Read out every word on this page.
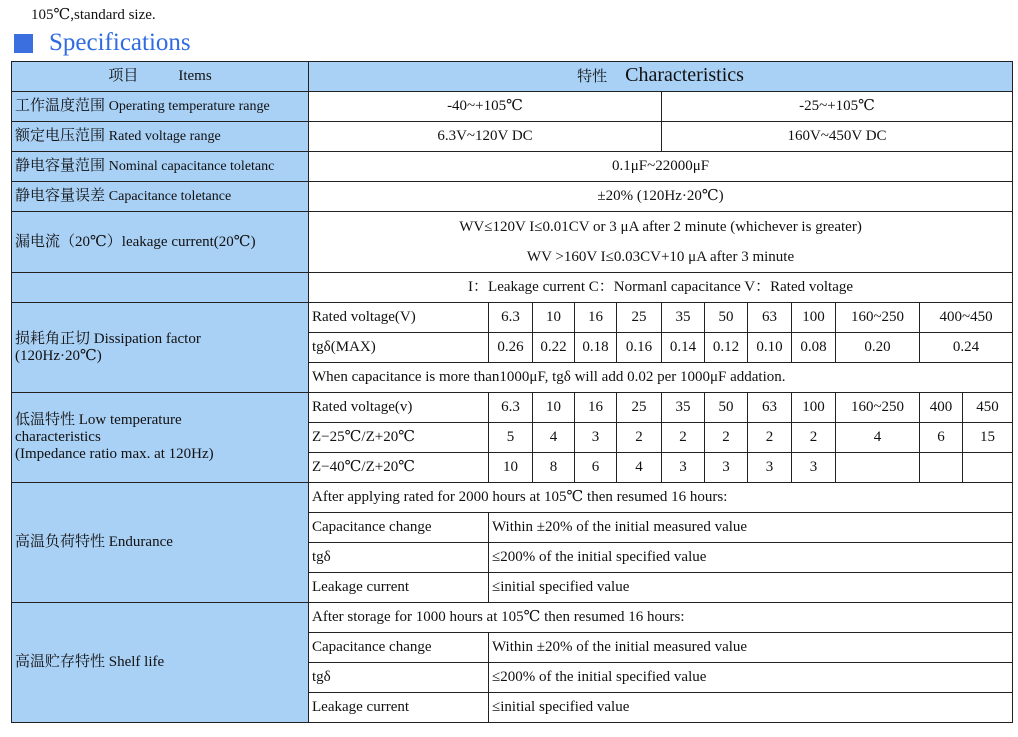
105℃,standard size.
Specifications
项目 Items	特性 Characteristics											
工作温度范围 Operating temperature range	-40~+105℃					-25~+105℃						
额定电压范围 Rated voltage range	6.3V~120V DC					160V~450V DC						
静电容量范围 Nominal capacitance toletanc	0.1μF~22000μF											
静电容量误差 Capacitance toletance	±20% (120Hz·20℃)											
漏电流（20℃）leakage current(20℃)	WV≤120V I≤0.01CV or 3 μA after 2 minute (whichever is greater)											
	WV >160V I≤0.03CV+10 μA after 3 minute											
	I：Leakage current C：Normanl capacitance V：Rated voltage											

损耗角正切 Dissipation factor
(120Hz·20℃)	Rated voltage(V)	6.3	10	16	25	35	50	63	100	160~250	400~450	
	tgδ(MAX)	0.26	0.22	0.18	0.16	0.14	0.12	0.10	0.08	0.20	0.24	
	When capacitance is more than1000μF, tgδ will add 0.02 per 1000μF addation.											

低温特性 Low temperature
characteristics
(Impedance ratio max. at 120Hz)	Rated voltage(v)	6.3	10	16	25	35	50	63	100	160~250	400	450
	Z−25℃/Z+20℃	5	4	3	2	2	2	2	2	4	6	15
	Z−40℃/Z+20℃	10	8	6	4	3	3	3	3			
高温负荷特性 Endurance	After applying rated for 2000 hours at 105℃ then resumed 16 hours:											
	Capacitance change	Within ±20% of the initial measured value										
	tgδ	≤200% of the initial specified value										
	Leakage current	≤initial specified value										
高温贮存特性 Shelf life	After storage for 1000 hours at 105℃ then resumed 16 hours:											
	Capacitance change	Within ±20% of the initial measured value										
	tgδ	≤200% of the initial specified value										
	Leakage current	≤initial specified value										
